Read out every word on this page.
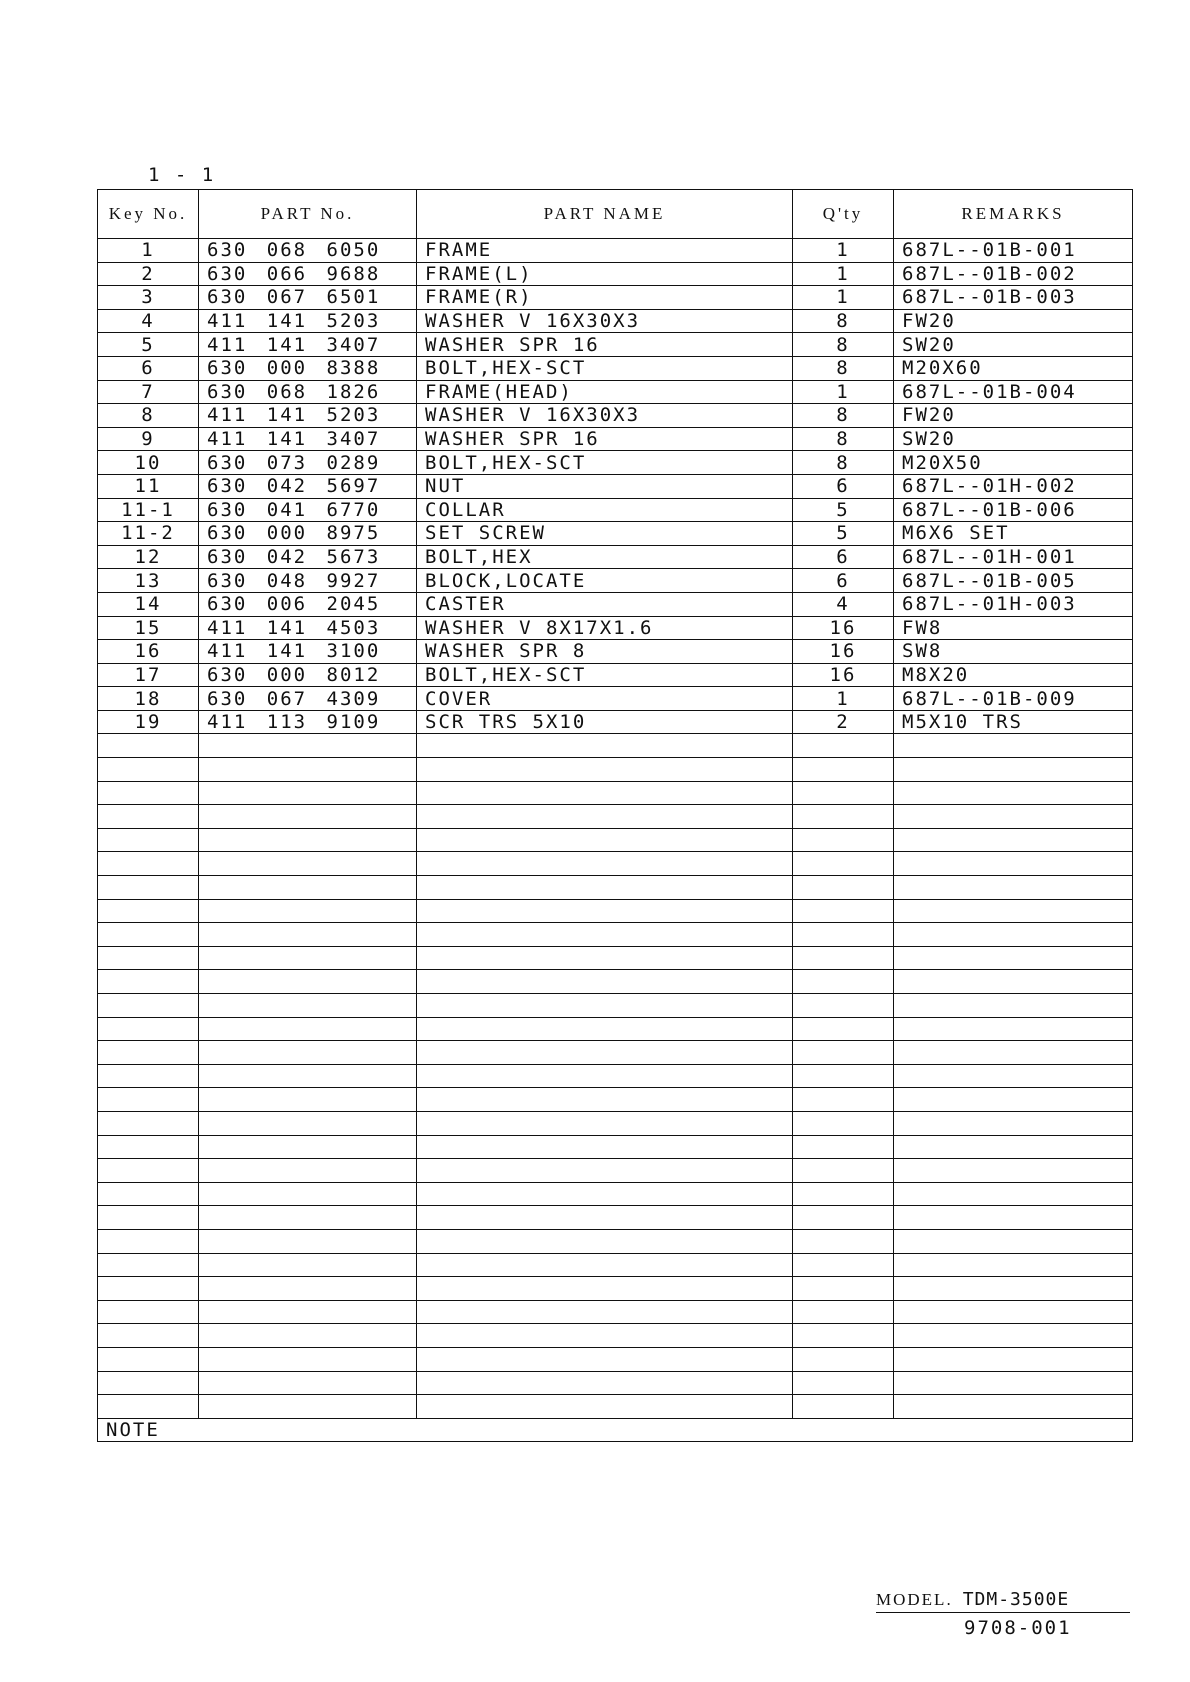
1 - 1
Key No.	PART No.	PART NAME	Q'ty	REMARKS
1	630 068 6050	FRAME	1	687L--01B-001
2	630 066 9688	FRAME(L)	1	687L--01B-002
3	630 067 6501	FRAME(R)	1	687L--01B-003
4	411 141 5203	WASHER V 16X30X3	8	FW20
5	411 141 3407	WASHER SPR 16	8	SW20
6	630 000 8388	BOLT,HEX-SCT	8	M20X60
7	630 068 1826	FRAME(HEAD)	1	687L--01B-004
8	411 141 5203	WASHER V 16X30X3	8	FW20
9	411 141 3407	WASHER SPR 16	8	SW20
10	630 073 0289	BOLT,HEX-SCT	8	M20X50
11	630 042 5697	NUT	6	687L--01H-002
11-1	630 041 6770	COLLAR	5	687L--01B-006
11-2	630 000 8975	SET SCREW	5	M6X6 SET
12	630 042 5673	BOLT,HEX	6	687L--01H-001
13	630 048 9927	BLOCK,LOCATE	6	687L--01B-005
14	630 006 2045	CASTER	4	687L--01H-003
15	411 141 4503	WASHER V 8X17X1.6	16	FW8
16	411 141 3100	WASHER SPR 8	16	SW8
17	630 000 8012	BOLT,HEX-SCT	16	M8X20
18	630 067 4309	COVER	1	687L--01B-009
19	411 113 9109	SCR TRS 5X10	2	M5X10 TRS

NOTE				
MODEL. TDM-3500E
9708-001
